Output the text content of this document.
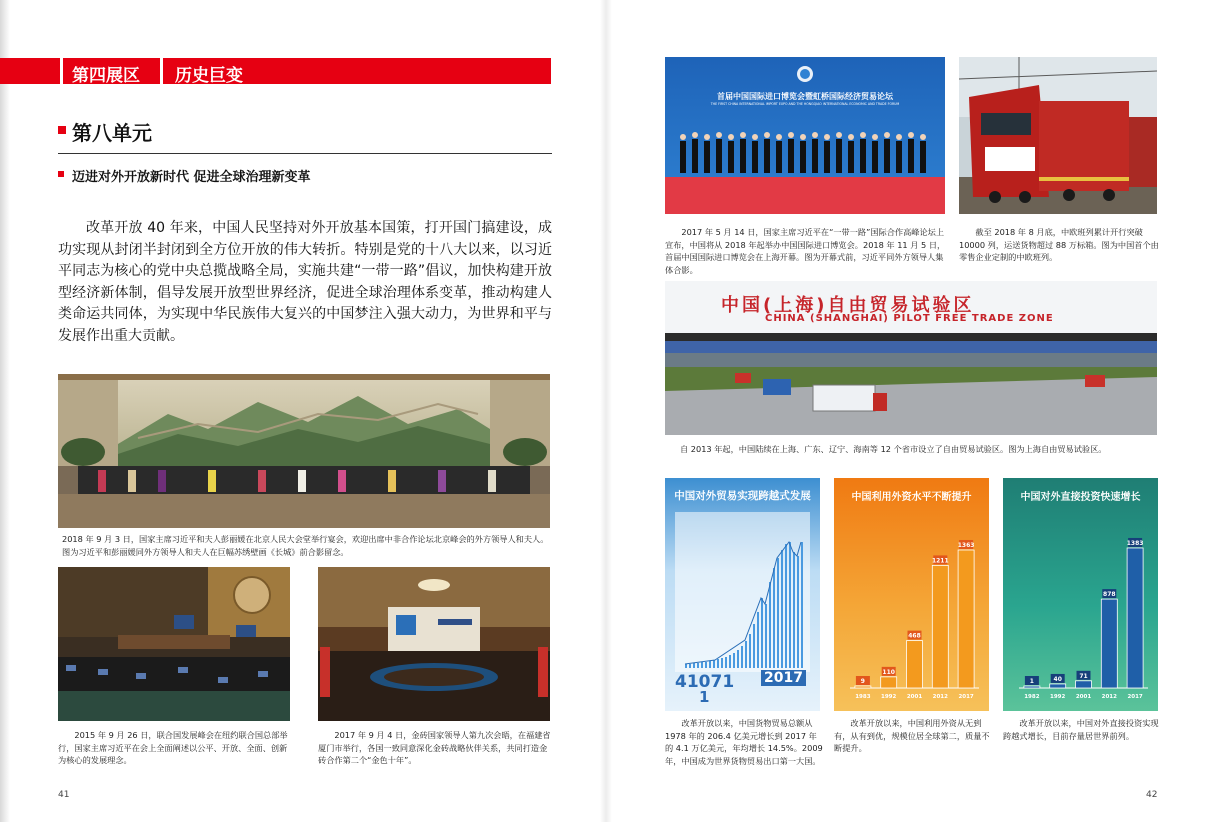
第四展区 历史巨变
第八单元
迈进对外开放新时代 促进全球治理新变革
改革开放 40 年来，中国人民坚持对外开放基本国策，打开国门搞建设，成功实现从封闭半封闭到全方位开放的伟大转折。特别是党的十八大以来，以习近平同志为核心的党中央总揽战略全局，实施共建“一带一路”倡议，加快构建开放型经济新体制，倡导发展开放型世界经济，促进全球治理体系变革，推动构建人类命运共同体，为实现中华民族伟大复兴的中国梦注入强大动力，为世界和平与发展作出重大贡献。
2018 年 9 月 3 日，国家主席习近平和夫人彭丽媛在北京人民大会堂举行宴会，欢迎出席中非合作论坛北京峰会的外方领导人和夫人。图为习近平和彭丽媛同外方领导人和夫人在巨幅苏绣壁画《长城》前合影留念。
2015 年 9 月 26 日，联合国发展峰会在纽约联合国总部举行，国家主席习近平在会上全面阐述以公平、开放、全面、创新为核心的发展理念。
2017 年 9 月 4 日，金砖国家领导人第九次会晤，在福建省厦门市举行，各国一致同意深化金砖战略伙伴关系，共同打造金砖合作第二个“金色十年”。
41
首届中国国际进口博览会暨虹桥国际经济贸易论坛
THE FIRST CHINA INTERNATIONAL IMPORT EXPO AND THE HONGQIAO INTERNATIONAL ECONOMIC AND TRADE FORUM
2017 年 5 月 14 日，国家主席习近平在“一带一路”国际合作高峰论坛上宣布，中国将从 2018 年起举办中国国际进口博览会。2018 年 11 月 5 日，首届中国国际进口博览会在上海开幕。图为开幕式前，习近平同外方领导人集体合影。
截至 2018 年 8 月底，中欧班列累计开行突破 10000 列，运送货物超过 88 万标箱。图为中国首个由零售企业定制的中欧班列。
中国(上海)自由贸易试验区
CHINA (SHANGHAI) PILOT FREE TRADE ZONE
自 2013 年起，中国陆续在上海、广东、辽宁、海南等 12 个省市设立了自由贸易试验区。图为上海自由贸易试验区。
中国对外贸易实现跨越式发展
41071 2017
1
改革开放以来，中国货物贸易总额从 1978 年的 206.4 亿美元增长到 2017 年的 4.1 万亿美元，年均增长 14.5%。2009 年，中国成为世界货物贸易出口第一大国。
中国利用外资水平不断提升
9
1983
110
1992
468
2001
1211
2012
1363
2017
改革开放以来，中国利用外资从无到有，从有到优，规模位居全球第二，质量不断提升。
中国对外直接投资快速增长
1
1982
40
1992
71
2001
878
2012
1383
2017
改革开放以来，中国对外直接投资实现跨越式增长，目前存量居世界前列。
42
